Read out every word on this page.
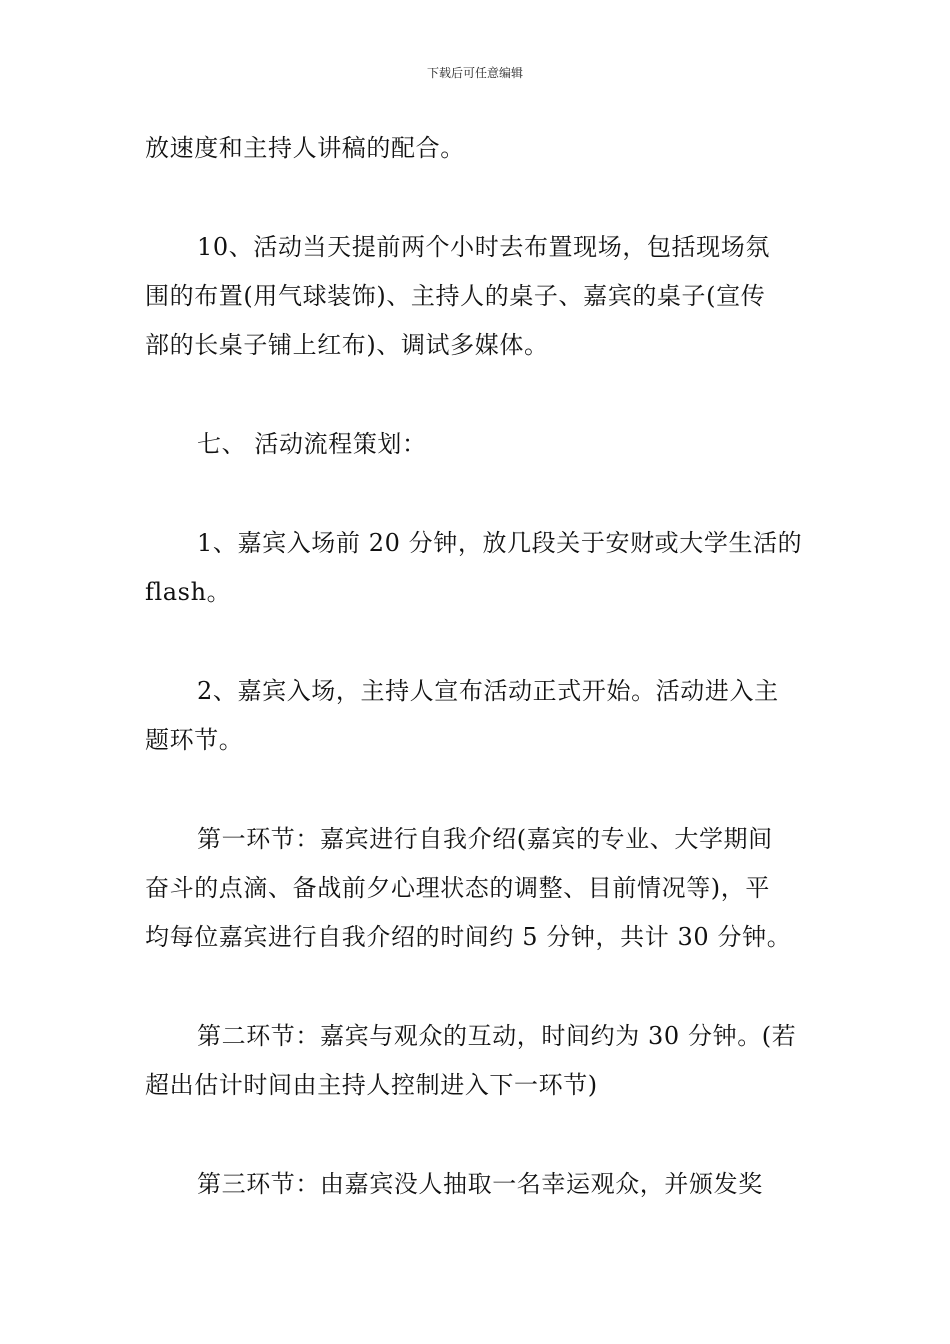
下载后可任意编辑

放速度和主持人讲稿的配合。

10、活动当天提前两个小时去布置现场，包括现场氛
围的布置(用气球装饰)、主持人的桌子、嘉宾的桌子(宣传
部的长桌子铺上红布)、调试多媒体。

七、 活动流程策划：

1、嘉宾入场前 20 分钟，放几段关于安财或大学生活的
flash。

2、嘉宾入场，主持人宣布活动正式开始。活动进入主
题环节。

第一环节：嘉宾进行自我介绍(嘉宾的专业、大学期间
奋斗的点滴、备战前夕心理状态的调整、目前情况等)，平
均每位嘉宾进行自我介绍的时间约 5 分钟，共计 30 分钟。

第二环节：嘉宾与观众的互动，时间约为 30 分钟。(若
超出估计时间由主持人控制进入下一环节)

第三环节：由嘉宾没人抽取一名幸运观众，并颁发奖
